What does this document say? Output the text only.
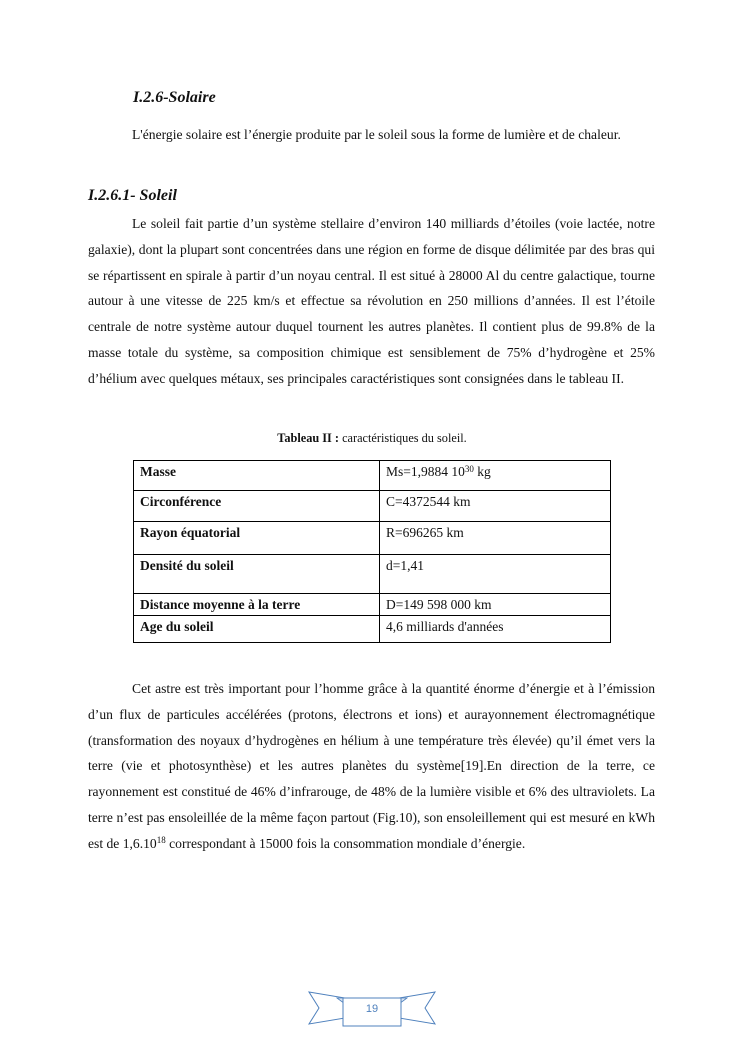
I.2.6-Solaire
L'énergie solaire est l’énergie produite par le soleil sous la forme de lumière et de chaleur.
I.2.6.1- Soleil
Le soleil fait partie d’un système stellaire d’environ 140 milliards d’étoiles (voie lactée, notre galaxie), dont la plupart sont concentrées dans une région en forme de disque délimitée par des bras qui se répartissent en spirale à partir d’un noyau central. Il est situé à 28000 Al du centre galactique, tourne autour à une vitesse de 225 km/s et effectue sa révolution en 250 millions d’années. Il est l’étoile centrale de notre système autour duquel tournent les autres planètes. Il contient plus de 99.8% de la masse totale du système, sa composition chimique est sensiblement de 75% d’hydrogène et 25% d’hélium avec quelques métaux, ses principales caractéristiques sont consignées dans le tableau II.
Tableau II : caractéristiques du soleil.
Masse	Ms=1,9884 $10^{30}$ kg
Circonférence	C=4372544 km
Rayon équatorial	R=696265 km
Densité du soleil	d=1,41
Distance moyenne à la terre	D=149 598 000 km
Age du soleil	4,6 milliards d'années
Cet astre est très important pour l’homme grâce à la quantité énorme d’énergie et à l’émission d’un flux de particules accélérées (protons, électrons et ions) et aurayonnement électromagnétique (transformation des noyaux d’hydrogènes en hélium à une température très élevée) qu’il émet vers la terre (vie et photosynthèse) et les autres planètes du système[19].En direction de la terre, ce rayonnement est constitué de 46% d’infrarouge, de 48% de la lumière visible et 6% des ultraviolets. La terre n’est pas ensoleillée de la même façon partout (Fig.10), son ensoleillement qui est mesuré en kWh est de 1,6.10$^{18}$ correspondant à 15000 fois la consommation mondiale d’énergie.
19
